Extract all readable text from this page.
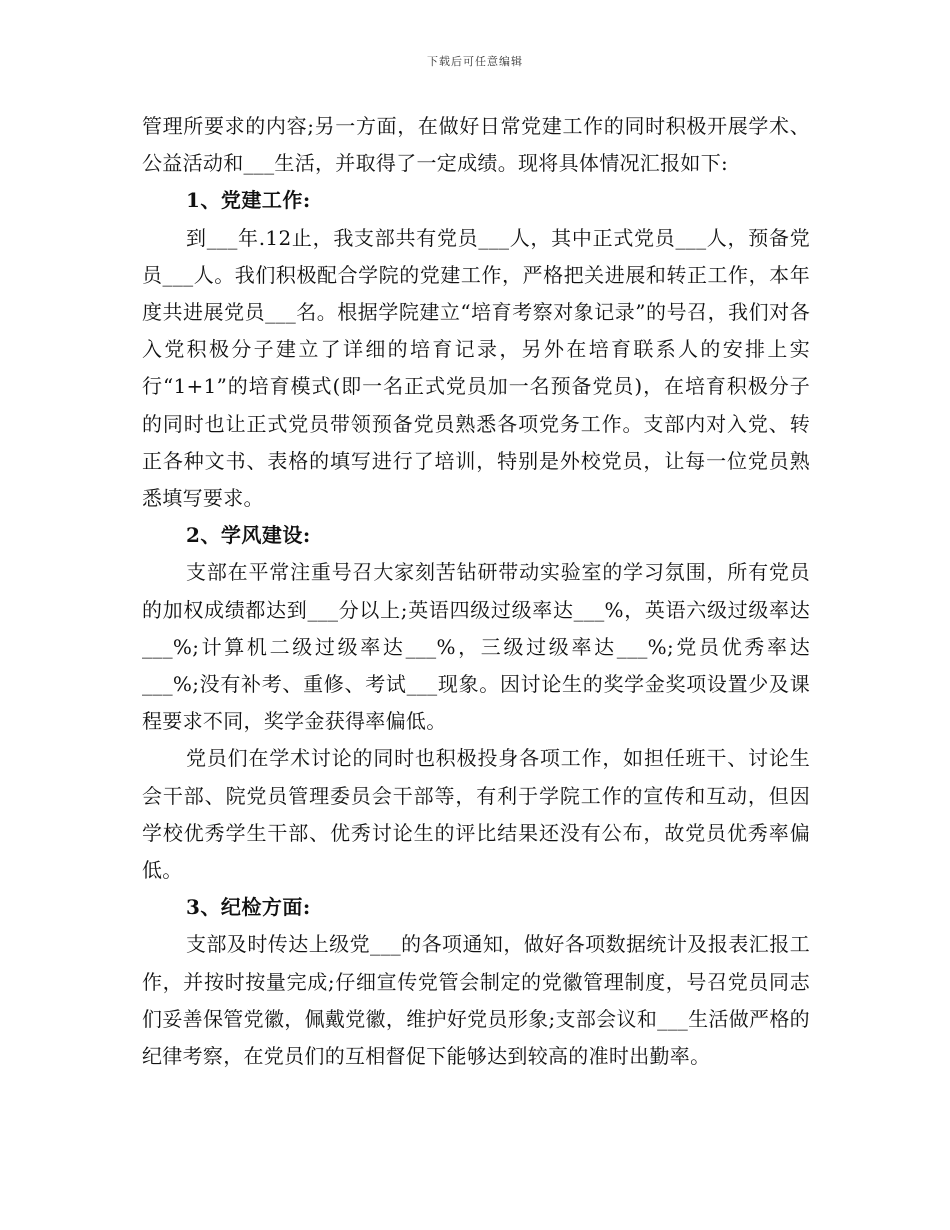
下载后可任意编辑

管理所要求的内容;另一方面，在做好日常党建工作的同时积极开展学术、公益活动和___生活，并取得了一定成绩。现将具体情况汇报如下:

1、党建工作:

到___年.12止，我支部共有党员___人，其中正式党员___人，预备党员___人。我们积极配合学院的党建工作，严格把关进展和转正工作，本年度共进展党员___名。根据学院建立“培育考察对象记录”的号召，我们对各入党积极分子建立了详细的培育记录，另外在培育联系人的安排上实行“1+1”的培育模式(即一名正式党员加一名预备党员)，在培育积极分子的同时也让正式党员带领预备党员熟悉各项党务工作。支部内对入党、转正各种文书、表格的填写进行了培训，特别是外校党员，让每一位党员熟悉填写要求。

2、学风建设:

支部在平常注重号召大家刻苦钻研带动实验室的学习氛围，所有党员的加权成绩都达到___分以上;英语四级过级率达___%，英语六级过级率达___%;计算机二级过级率达___%，三级过级率达___%;党员优秀率达___%;没有补考、重修、考试___现象。因讨论生的奖学金奖项设置少及课程要求不同，奖学金获得率偏低。

党员们在学术讨论的同时也积极投身各项工作，如担任班干、讨论生会干部、院党员管理委员会干部等，有利于学院工作的宣传和互动，但因学校优秀学生干部、优秀讨论生的评比结果还没有公布，故党员优秀率偏低。

3、纪检方面:

支部及时传达上级党___的各项通知，做好各项数据统计及报表汇报工作，并按时按量完成;仔细宣传党管会制定的党徽管理制度，号召党员同志们妥善保管党徽，佩戴党徽，维护好党员形象;支部会议和___生活做严格的纪律考察，在党员们的互相督促下能够达到较高的准时出勤率。
